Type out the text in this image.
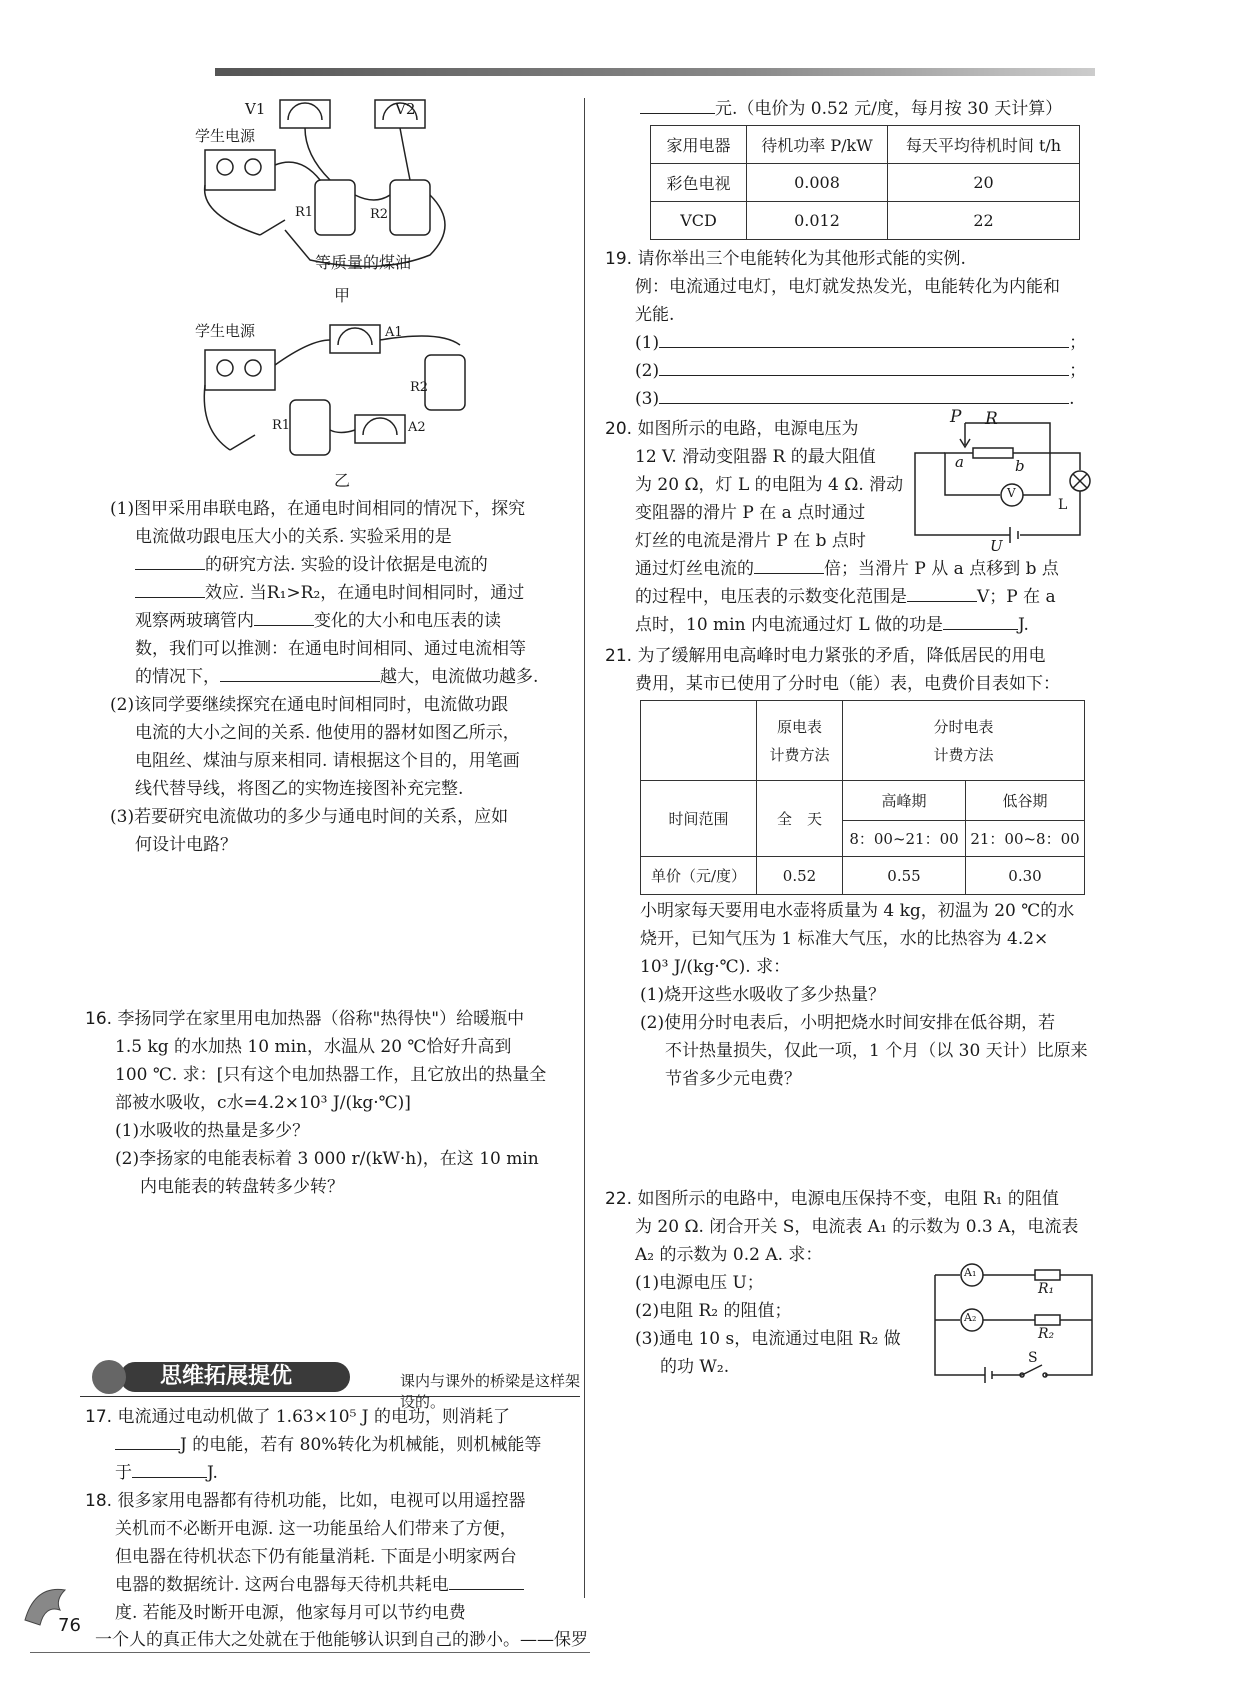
V1	V2
学生电源
R1	R2
等质量的煤油
甲
学生电源	A1
A2
R1
R2
乙
(1)图甲采用串联电路，在通电时间相同的情况下，探究
电流做功跟电压大小的关系. 实验采用的是
的研究方法. 实验的设计依据是电流的
效应. 当R₁>R₂，在通电时间相同时，通过
观察两玻璃管内	变化的大小和电压表的读
数，我们可以推测：在通电时间相同、通过电流相等
的情况下，	越大，电流做功越多.
(2)该同学要继续探究在通电时间相同时，电流做功跟
电流的大小之间的关系. 他使用的器材如图乙所示，
电阻丝、煤油与原来相同. 请根据这个目的，用笔画
线代替导线，将图乙的实物连接图补充完整.
(3)若要研究电流做功的多少与通电时间的关系，应如
何设计电路？
16. 李扬同学在家里用电加热器（俗称"热得快"）给暖瓶中
1.5 kg 的水加热 10 min，水温从 20 ℃恰好升高到
100 ℃. 求：[只有这个电加热器工作，且它放出的热量全
部被水吸收，c水=4.2×10³ J/(kg·℃)]
(1)水吸收的热量是多少？
(2)李扬家的电能表标着 3 000 r/(kW·h)，在这 10 min
内电能表的转盘转多少转？
思维拓展提优	课内与课外的桥梁是这样架设的。
17. 电流通过电动机做了 1.63×10⁵ J 的电功，则消耗了
J 的电能，若有 80%转化为机械能，则机械能等
于	J.
18. 很多家用电器都有待机功能，比如，电视可以用遥控器
关机而不必断开电源. 这一功能虽给人们带来了方便，
但电器在待机状态下仍有能量消耗. 下面是小明家两台
电器的数据统计. 这两台电器每天待机共耗电
度. 若能及时断开电源，他家每月可以节约电费
76
一个人的真正伟大之处就在于他能够认识到自己的渺小。——保罗
元.（电价为 0.52 元/度，每月按 30 天计算）
家用电器	待机功率 P/kW	每天平均待机时间 t/h
彩色电视	0.008	20
VCD	0.012	22
19. 请你举出三个电能转化为其他形式能的实例.
例：电流通过电灯，电灯就发热发光，电能转化为内能和
光能.
(1)	；
(2)	；
(3)	.
20. 如图所示的电路，电源电压为
12 V. 滑动变阻器 R 的最大阻值
为 20 Ω，灯 L 的电阻为 4 Ω. 滑动
变阻器的滑片 P 在 a 点时通过
灯丝的电流是滑片 P 在 b 点时
通过灯丝电流的	倍；当滑片 P 从 a 点移到 b 点
的过程中，电压表的示数变化范围是	V；P 在 a
点时，10 min 内电流通过灯 L 做的功是	J.
P R
a	b
V
L
U
21. 为了缓解用电高峰时电力紧张的矛盾，降低居民的用电
费用，某市已使用了分时电（能）表，电费价目表如下：
	原电表
计费方法	分时电表
计费方法	
时间范围	全　天	高峰期	低谷期
		8：00~21：00	21：00~8：00
单价（元/度）	0.52	0.55	0.30
小明家每天要用电水壶将质量为 4 kg，初温为 20 ℃的水
烧开，已知气压为 1 标准大气压，水的比热容为 4.2×
10³ J/(kg·℃). 求：
(1)烧开这些水吸收了多少热量？
(2)使用分时电表后，小明把烧水时间安排在低谷期，若
不计热量损失，仅此一项，1 个月（以 30 天计）比原来
节省多少元电费？
22. 如图所示的电路中，电源电压保持不变，电阻 R₁ 的阻值
为 20 Ω. 闭合开关 S，电流表 A₁ 的示数为 0.3 A，电流表
A₂ 的示数为 0.2 A. 求：
(1)电源电压 U；
(2)电阻 R₂ 的阻值；
(3)通电 10 s，电流通过电阻 R₂ 做
的功 W₂.
A₁
A₂
R₁
R₂
S
